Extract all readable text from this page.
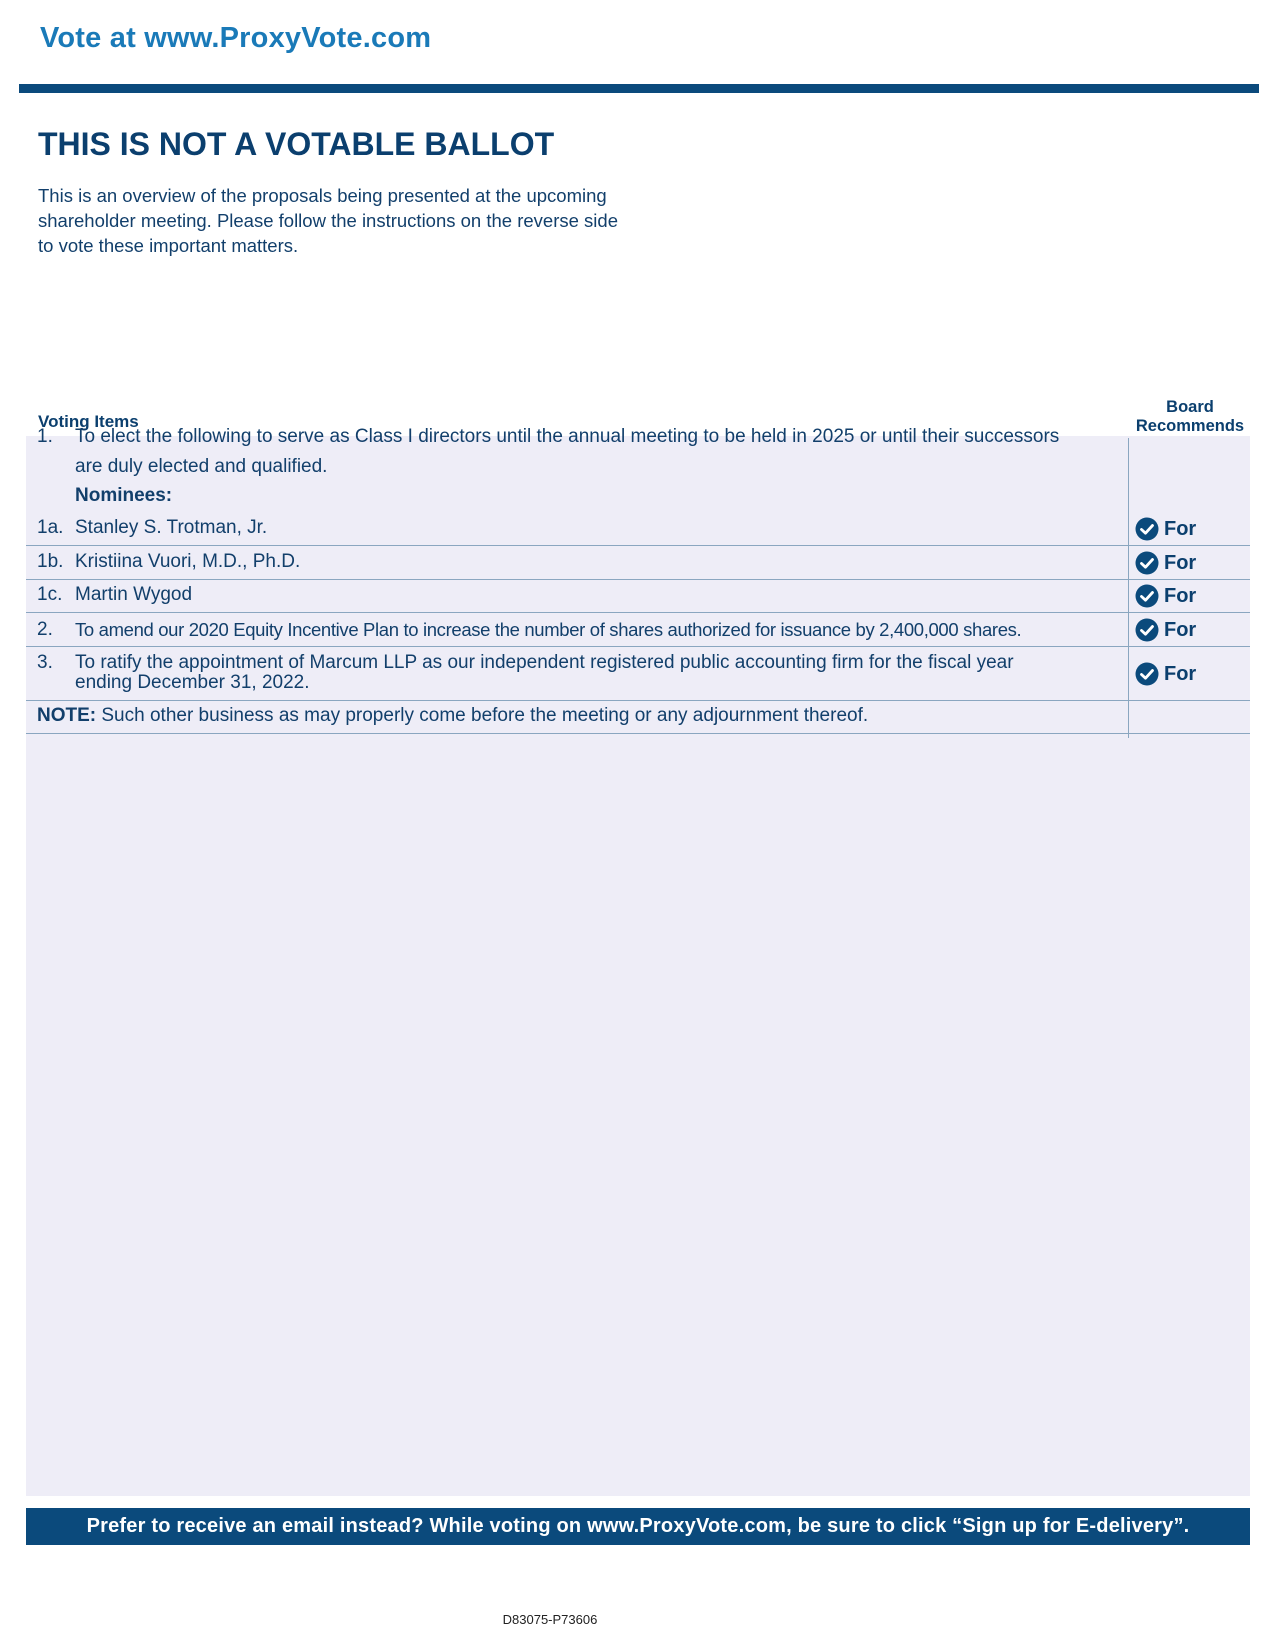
Vote at www.ProxyVote.com
THIS IS NOT A VOTABLE BALLOT

This is an overview of the proposals being presented at the upcoming shareholder meeting. Please follow the instructions on the reverse side to vote these important matters.

Voting Items
Board
Recommends
1. To elect the following to serve as Class I directors until the annual meeting to be held in 2025 or until their successors
are duly elected and qualified.
Nominees:
1a. Stanley S. Trotman, Jr.	For
1b. Kristiina Vuori, M.D., Ph.D.	For
1c. Martin Wygod	For
2. To amend our 2020 Equity Incentive Plan to increase the number of shares authorized for issuance by 2,400,000 shares.	For
3. To ratify the appointment of Marcum LLP as our independent registered public accounting firm for the fiscal year
ending December 31, 2022.	For
NOTE: Such other business as may properly come before the meeting or any adjournment thereof.
Prefer to receive an email instead? While voting on www.ProxyVote.com, be sure to click “Sign up for E-delivery”.
D83075-P73606
